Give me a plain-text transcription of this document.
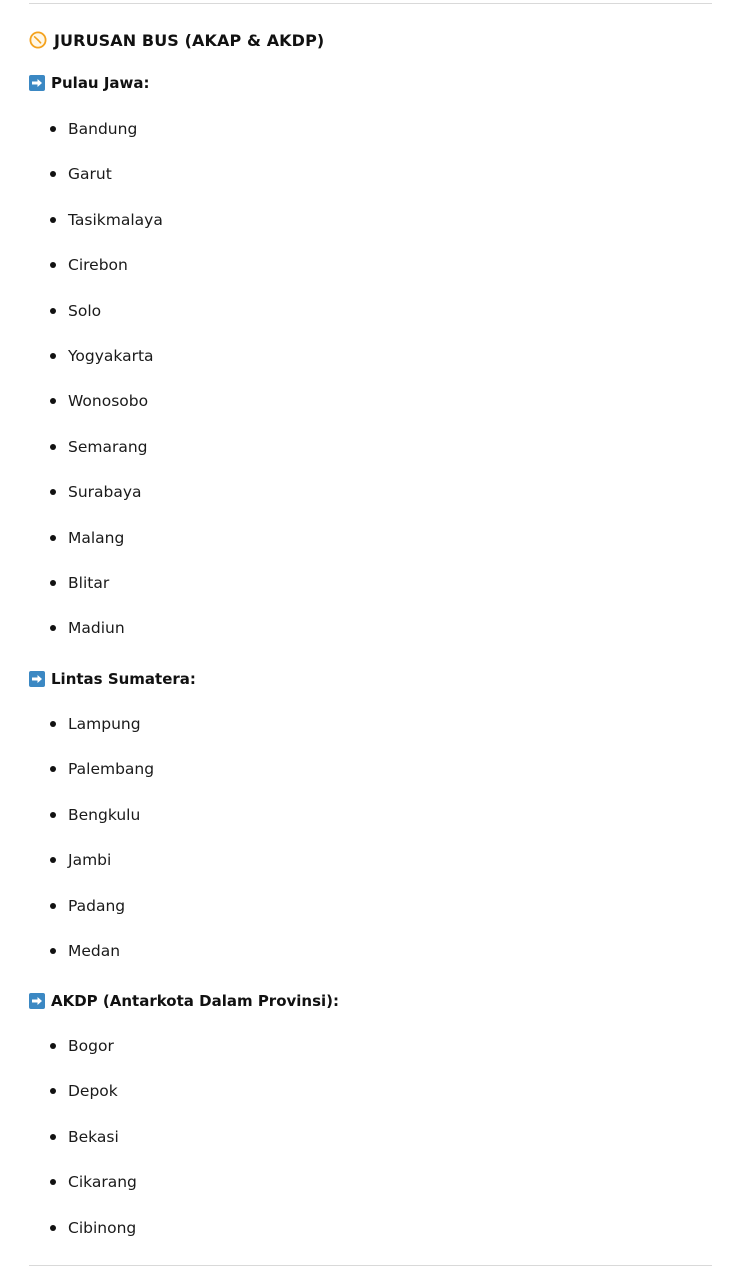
JURUSAN BUS (AKAP & AKDP)
Pulau Jawa:
Bandung
Garut
Tasikmalaya
Cirebon
Solo
Yogyakarta
Wonosobo
Semarang
Surabaya
Malang
Blitar
Madiun
Lintas Sumatera:
Lampung
Palembang
Bengkulu
Jambi
Padang
Medan
AKDP (Antarkota Dalam Provinsi):
Bogor
Depok
Bekasi
Cikarang
Cibinong
